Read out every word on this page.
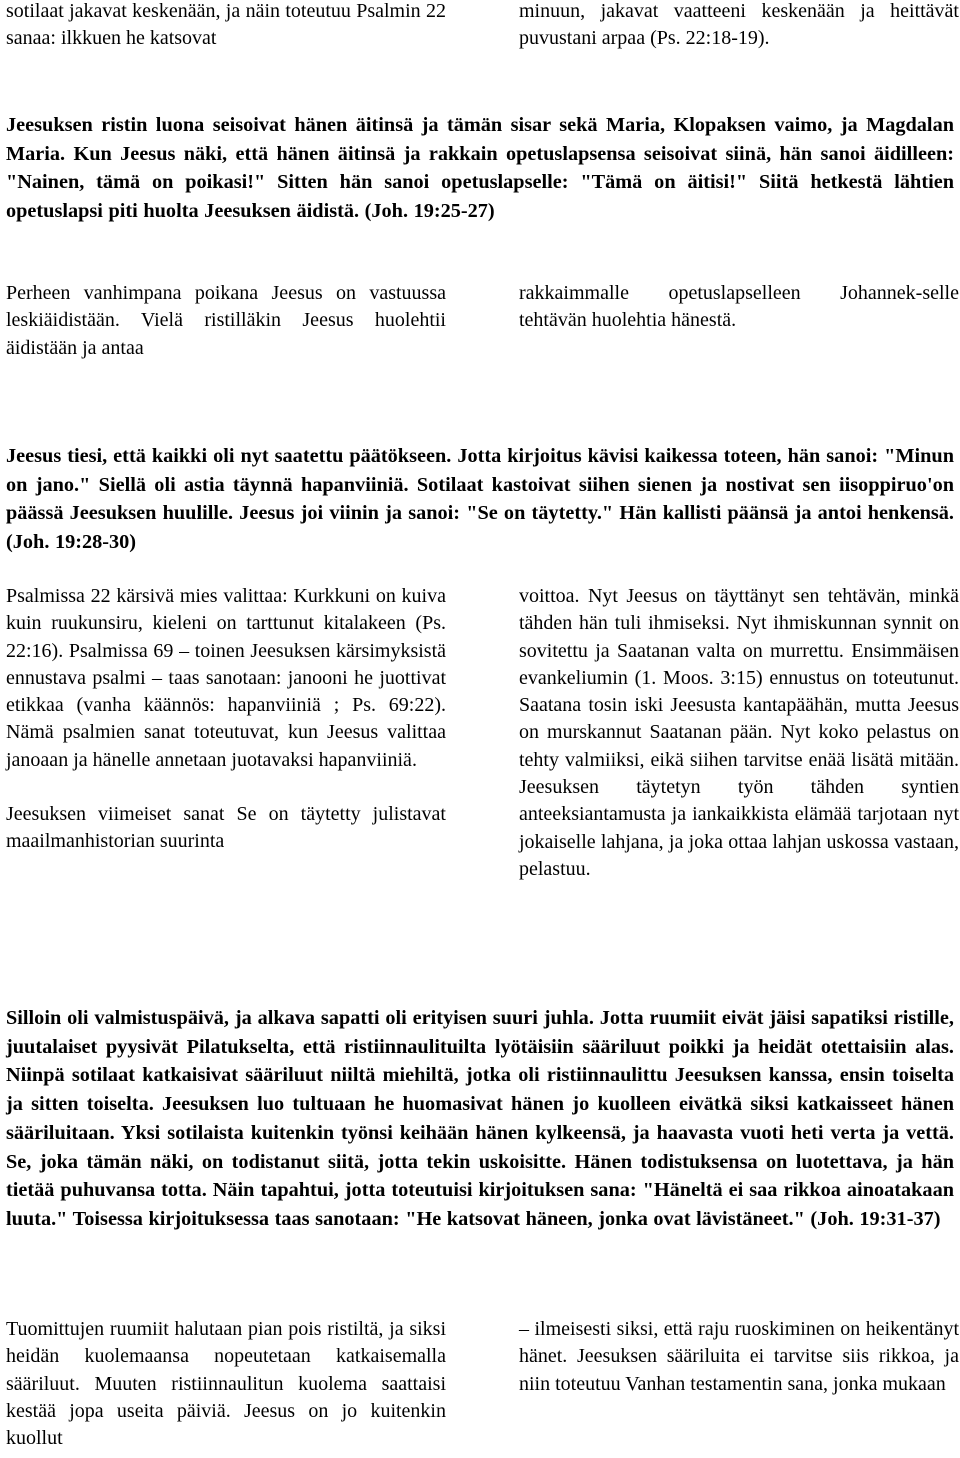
sotilaat jakavat keskenään, ja näin toteutuu Psalmin 22 sanaa: ilkkuen he katsovat

minuun, jakavat vaatteeni keskenään ja heittävät puvustani arpaa (Ps. 22:18-19).

Jeesuksen ristin luona seisoivat hänen äitinsä ja tämän sisar sekä Maria, Klopaksen vaimo, ja Magdalan Maria. Kun Jeesus näki, että hänen äitinsä ja rakkain opetuslapsensa seisoivat siinä, hän sanoi äidilleen: "Nainen, tämä on poikasi!" Sitten hän sanoi opetuslapselle: "Tämä on äitisi!" Siitä hetkestä lähtien opetuslapsi piti huolta Jeesuksen äidistä. (Joh. 19:25-27)

Perheen vanhimpana poikana Jeesus on vastuussa leskiäidistään. Vielä ristilläkin Jeesus huolehtii äidistään ja antaa

rakkaimmalle opetuslapselleen Johannek-selle tehtävän huolehtia hänestä.

Jeesus tiesi, että kaikki oli nyt saatettu päätökseen. Jotta kirjoitus kävisi kaikessa toteen, hän sanoi: "Minun on jano." Siellä oli astia täynnä hapanviiniä. Sotilaat kastoivat siihen sienen ja nostivat sen iisoppiruo'on päässä Jeesuksen huulille. Jeesus joi viinin ja sanoi: "Se on täytetty." Hän kallisti päänsä ja antoi henkensä. (Joh. 19:28-30)

Psalmissa 22 kärsivä mies valittaa: Kurkkuni on kuiva kuin ruukunsiru, kieleni on tarttunut kitalakeen (Ps. 22:16). Psalmissa 69 – toinen Jeesuksen kärsimyksistä ennustava psalmi – taas sanotaan: janooni he juottivat etikkaa (vanha käännös: hapanviiniä ; Ps. 69:22). Nämä psalmien sanat toteutuvat, kun Jeesus valittaa janoaan ja hänelle annetaan juotavaksi hapanviiniä.

Jeesuksen viimeiset sanat Se on täytetty julistavat maailmanhistorian suurinta

voittoa. Nyt Jeesus on täyttänyt sen tehtävän, minkä tähden hän tuli ihmiseksi. Nyt ihmiskunnan synnit on sovitettu ja Saatanan valta on murrettu. Ensimmäisen evankeliumin (1. Moos. 3:15) ennustus on toteutunut. Saatana tosin iski Jeesusta kantapäähän, mutta Jeesus on murskannut Saatanan pään. Nyt koko pelastus on tehty valmiiksi, eikä siihen tarvitse enää lisätä mitään. Jeesuksen täytetyn työn tähden syntien anteeksiantamusta ja iankaikkista elämää tarjotaan nyt jokaiselle lahjana, ja joka ottaa lahjan uskossa vastaan, pelastuu.

Silloin oli valmistuspäivä, ja alkava sapatti oli erityisen suuri juhla. Jotta ruumiit eivät jäisi sapatiksi ristille, juutalaiset pyysivät Pilatukselta, että ristiinnaulituilta lyötäisiin sääriluut poikki ja heidät otettaisiin alas. Niinpä sotilaat katkaisivat sääriluut niiltä miehiltä, jotka oli ristiinnaulittu Jeesuksen kanssa, ensin toiselta ja sitten toiselta. Jeesuksen luo tultuaan he huomasivat hänen jo kuolleen eivätkä siksi katkaisseet hänen sääriluitaan. Yksi sotilaista kuitenkin työnsi keihään hänen kylkeensä, ja haavasta vuoti heti verta ja vettä. Se, joka tämän näki, on todistanut siitä, jotta tekin uskoisitte. Hänen todistuksensa on luotettava, ja hän tietää puhuvansa totta. Näin tapahtui, jotta toteutuisi kirjoituksen sana: "Häneltä ei saa rikkoa ainoatakaan luuta." Toisessa kirjoituksessa taas sanotaan: "He katsovat häneen, jonka ovat lävistäneet." (Joh. 19:31-37)

Tuomittujen ruumiit halutaan pian pois ristiltä, ja siksi heidän kuolemaansa nopeutetaan katkaisemalla sääriluut. Muuten ristiinnaulitun kuolema saattaisi kestää jopa useita päiviä. Jeesus on jo kuitenkin kuollut

– ilmeisesti siksi, että raju ruoskiminen on heikentänyt hänet. Jeesuksen sääriluita ei tarvitse siis rikkoa, ja niin toteutuu Vanhan testamentin sana, jonka mukaan
